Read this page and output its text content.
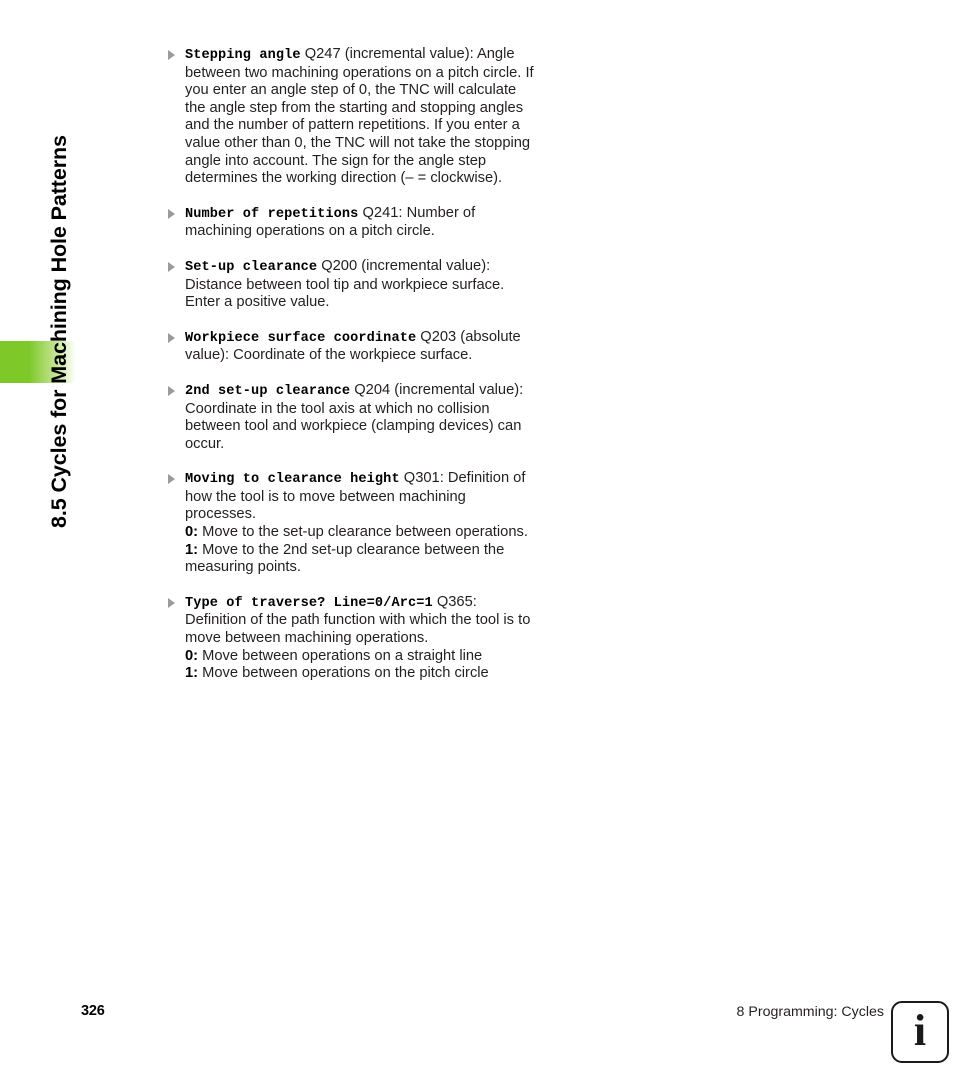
8.5 Cycles for Machining Hole Patterns
Stepping angle Q247 (incremental value): Angle between two machining operations on a pitch circle. If you enter an angle step of 0, the TNC will calculate the angle step from the starting and stopping angles and the number of pattern repetitions. If you enter a value other than 0, the TNC will not take the stopping angle into account. The sign for the angle step determines the working direction (– = clockwise).
Number of repetitions Q241: Number of machining operations on a pitch circle.
Set-up clearance Q200 (incremental value): Distance between tool tip and workpiece surface. Enter a positive value.
Workpiece surface coordinate Q203 (absolute value): Coordinate of the workpiece surface.
2nd set-up clearance Q204 (incremental value): Coordinate in the tool axis at which no collision between tool and workpiece (clamping devices) can occur.
Moving to clearance height Q301: Definition of how the tool is to move between machining processes.
0: Move to the set-up clearance between operations.
1: Move to the 2nd set-up clearance between the measuring points.
Type of traverse? Line=0/Arc=1 Q365: Definition of the path function with which the tool is to move between machining operations.
0: Move between operations on a straight line
1: Move between operations on the pitch circle
326	8 Programming: Cycles i
